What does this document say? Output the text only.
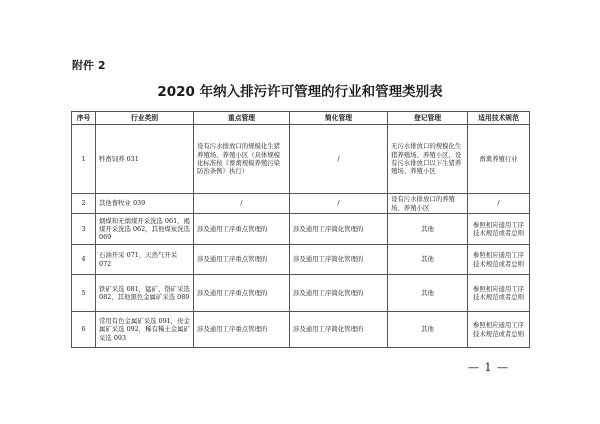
附件 2
2020 年纳入排污许可管理的行业和管理类别表
序号	行业类别	重点管理	简化管理	登记管理	适用技术规范
1	牲畜饲养 031	设有污水排放口的规模化生猪养殖场、养殖小区（具体规模化标准按《畜禽规模养殖污染防治条例》执行）	/	无污水排放口的规模化生猪养殖场、养殖小区，设有污水排放口以下生猪养殖场、养殖小区	畜禽养殖行业
2	其他畜牧业 039	/	/	设有污水排放口的养殖场、养殖小区	/
3	烟煤和无烟煤开采洗选 061，褐煤开采洗选 062，其他煤炭洗选 069	涉及通用工序重点管理的	涉及通用工序简化管理的	其他	参照相应通用工序技术规范或者总则
4	石油开采 071，天然气开采 072	涉及通用工序重点管理的	涉及通用工序简化管理的	其他	参照相应通用工序技术规范或者总则
5	铁矿采选 081，锰矿、铬矿采选 082，其他黑色金属矿采选 089	涉及通用工序重点管理的	涉及通用工序简化管理的	其他	参照相应通用工序技术规范或者总则
6	常用有色金属矿采选 091，贵金属矿采选 092，稀有稀土金属矿采选 093	涉及通用工序重点管理的	涉及通用工序简化管理的	其他	参照相应通用工序技术规范或者总则
— 1 —
